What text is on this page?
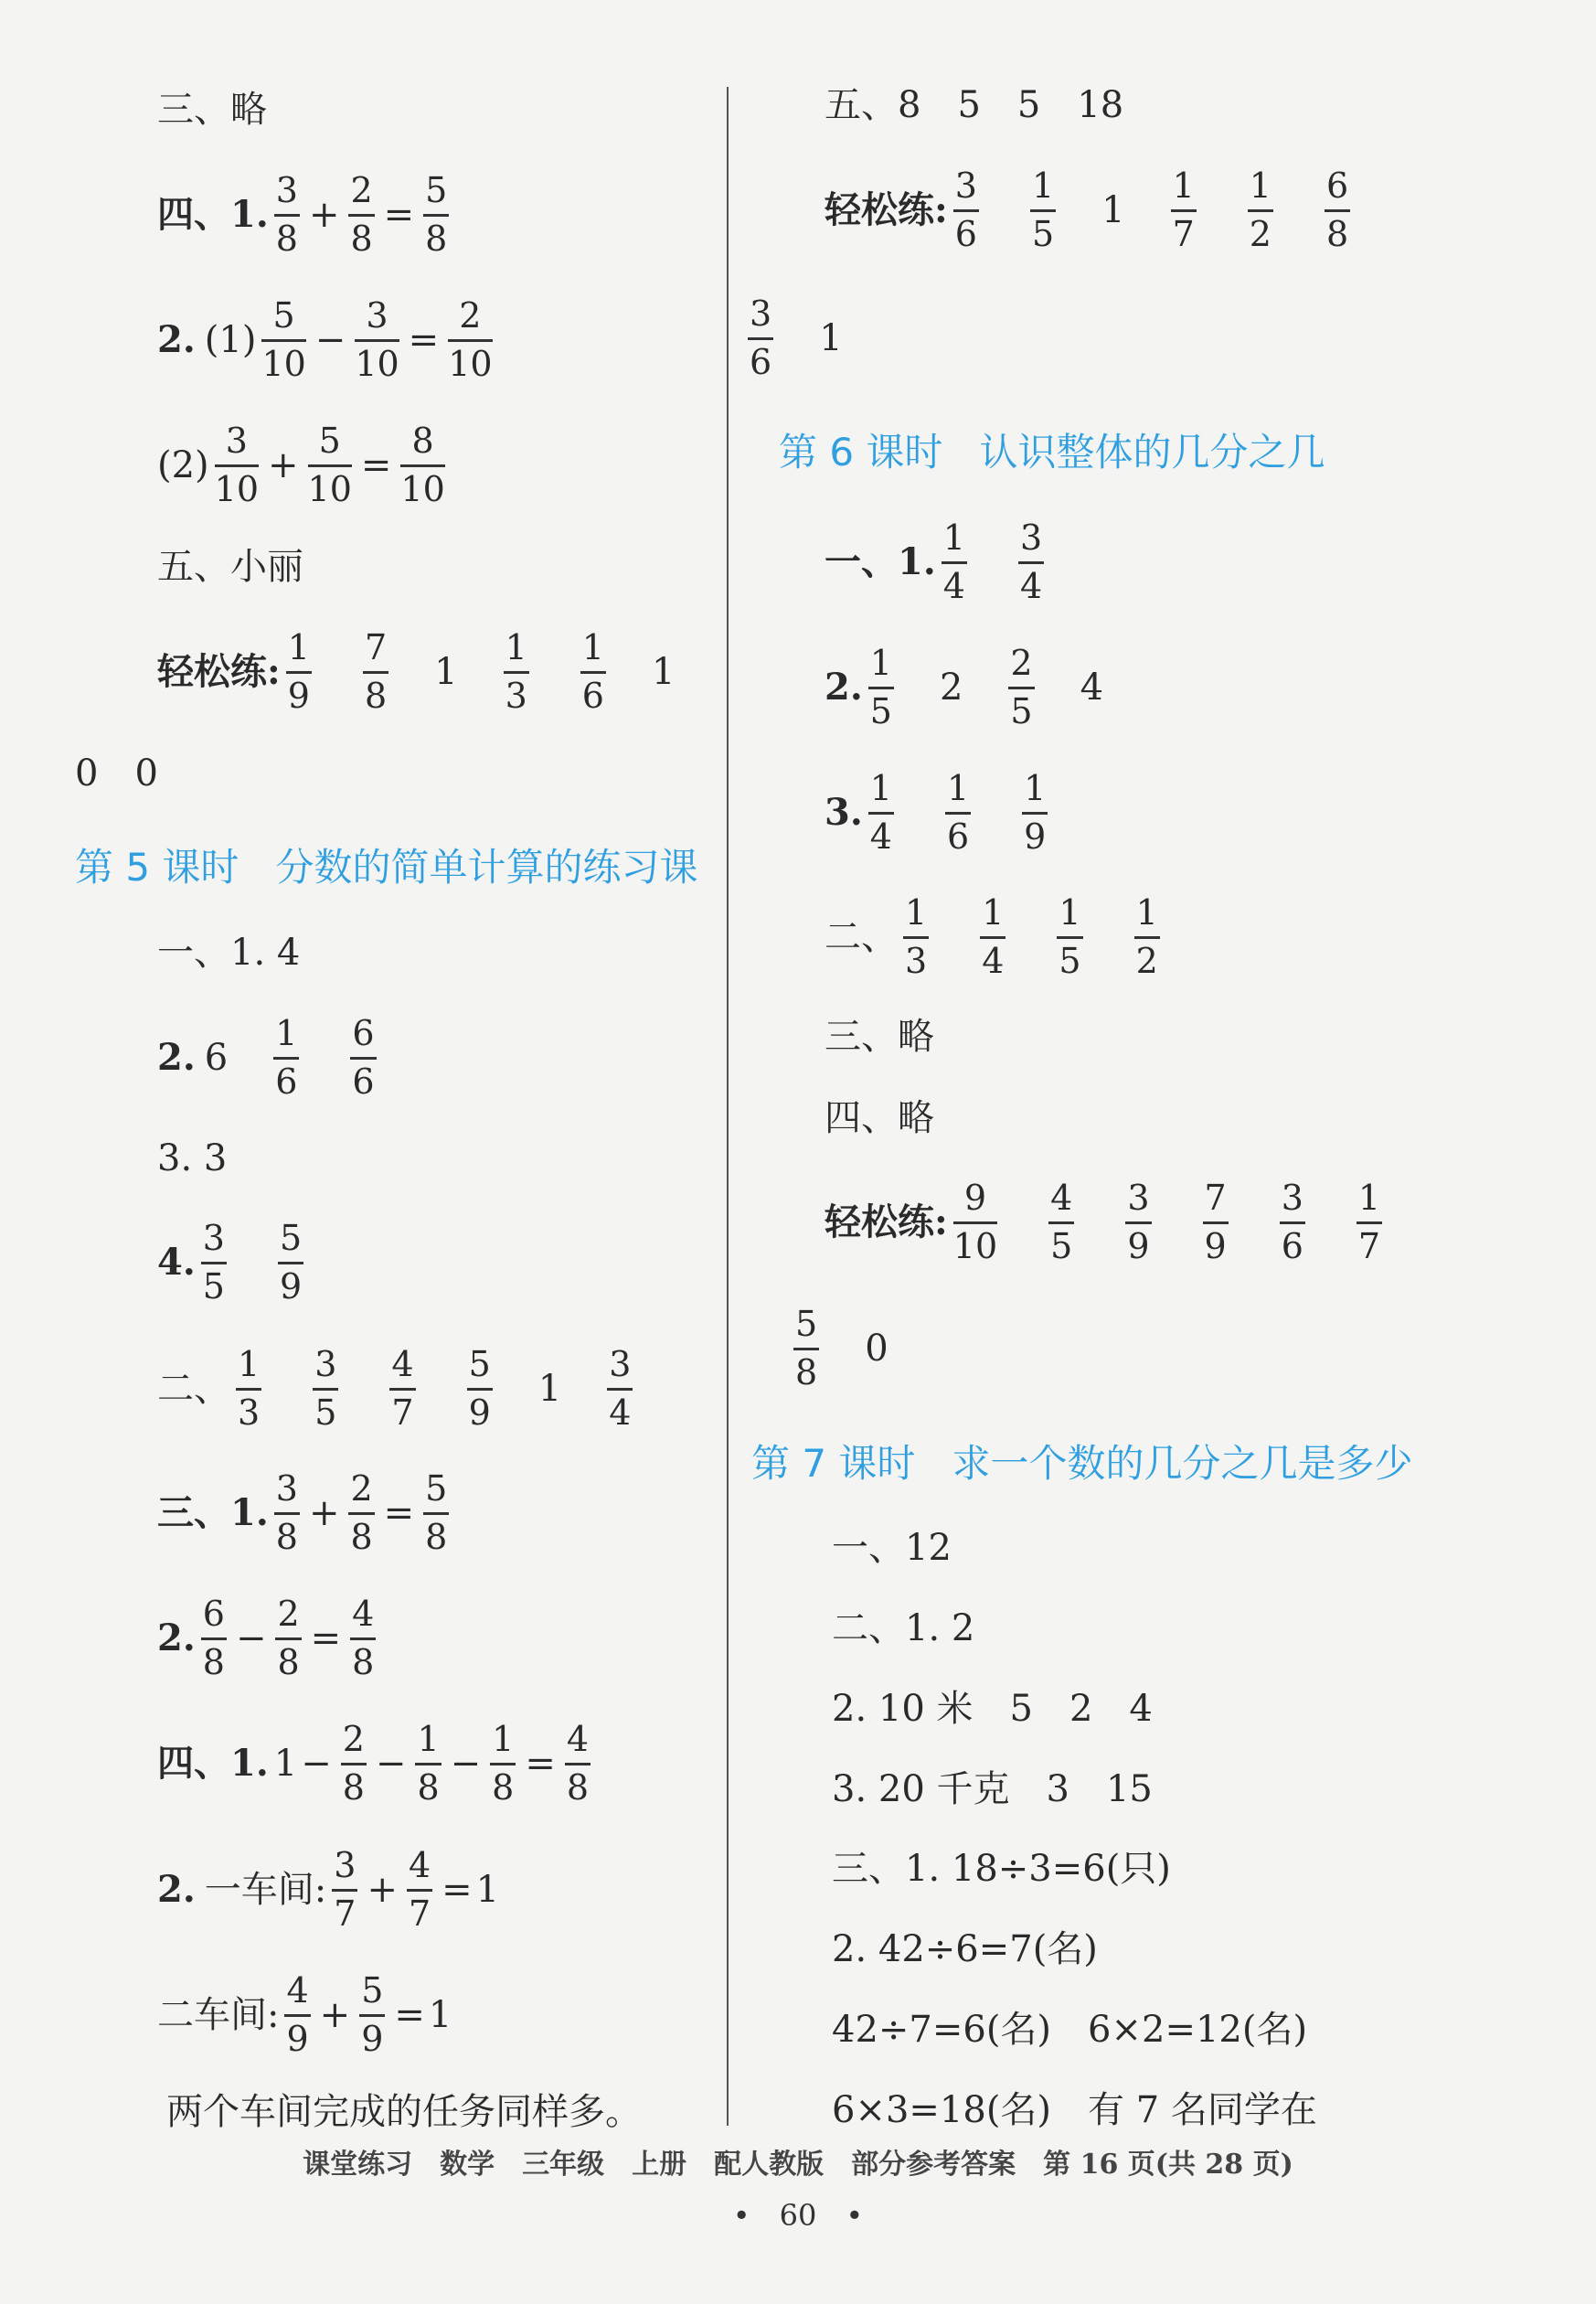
三、略
四、1. $\frac{3}{8} + \frac{2}{8} = \frac{5}{8}$
2. $(1) \frac{5}{10} - \frac{3}{10} = \frac{2}{10}$
$(2) \frac{3}{10} + \frac{5}{10} = \frac{8}{10}$
五、小丽
轻松练: $\frac{1}{9} \frac{7}{8} 1 \frac{1}{3} \frac{1}{6} 1$
0　0
第 5 课时 分数的简单计算的练习课
一、1. 4
2. $6 \frac{1}{6} \frac{6}{6}$
3. 3
4. $\frac{3}{5} \frac{5}{9}$
二、 $\frac{1}{3} \frac{3}{5} \frac{4}{7} \frac{5}{9} 1 \frac{3}{4}$
三、1. $\frac{3}{8} + \frac{2}{8} = \frac{5}{8}$
2. $\frac{6}{8} - \frac{2}{8} = \frac{4}{8}$
四、1. $1 - \frac{2}{8} - \frac{1}{8} - \frac{1}{8} = \frac{4}{8}$
2. 一车间: $\frac{3}{7} + \frac{4}{7} = 1$
二车间: $\frac{4}{9} + \frac{5}{9} = 1$
两个车间完成的任务同样多。
五、8　5　5　18
轻松练: $\frac{3}{6} \frac{1}{5} 1 \frac{1}{7} \frac{1}{2} \frac{6}{8}$
$\frac{3}{6} 1$
第 6 课时 认识整体的几分之几
一、1. $\frac{1}{4} \frac{3}{4}$
2. $\frac{1}{5} 2 \frac{2}{5} 4$
3. $\frac{1}{4} \frac{1}{6} \frac{1}{9}$
二、 $\frac{1}{3} \frac{1}{4} \frac{1}{5} \frac{1}{2}$
三、略
四、略
轻松练: $\frac{9}{10} \frac{4}{5} \frac{3}{9} \frac{7}{9} \frac{3}{6} \frac{1}{7}$
$\frac{5}{8} 0$
第 7 课时 求一个数的几分之几是多少
一、12
二、1. 2
2. 10 米　5　2　4
3. 20 千克　3　15
三、1. 18÷3=6(只)
2. 42÷6=7(名)
42÷7=6(名)　6×2=12(名)
6×3=18(名)　有 7 名同学在
课堂练习　数学　三年级　上册　配人教版　部分参考答案　第 16 页(共 28 页)
•　60　•
